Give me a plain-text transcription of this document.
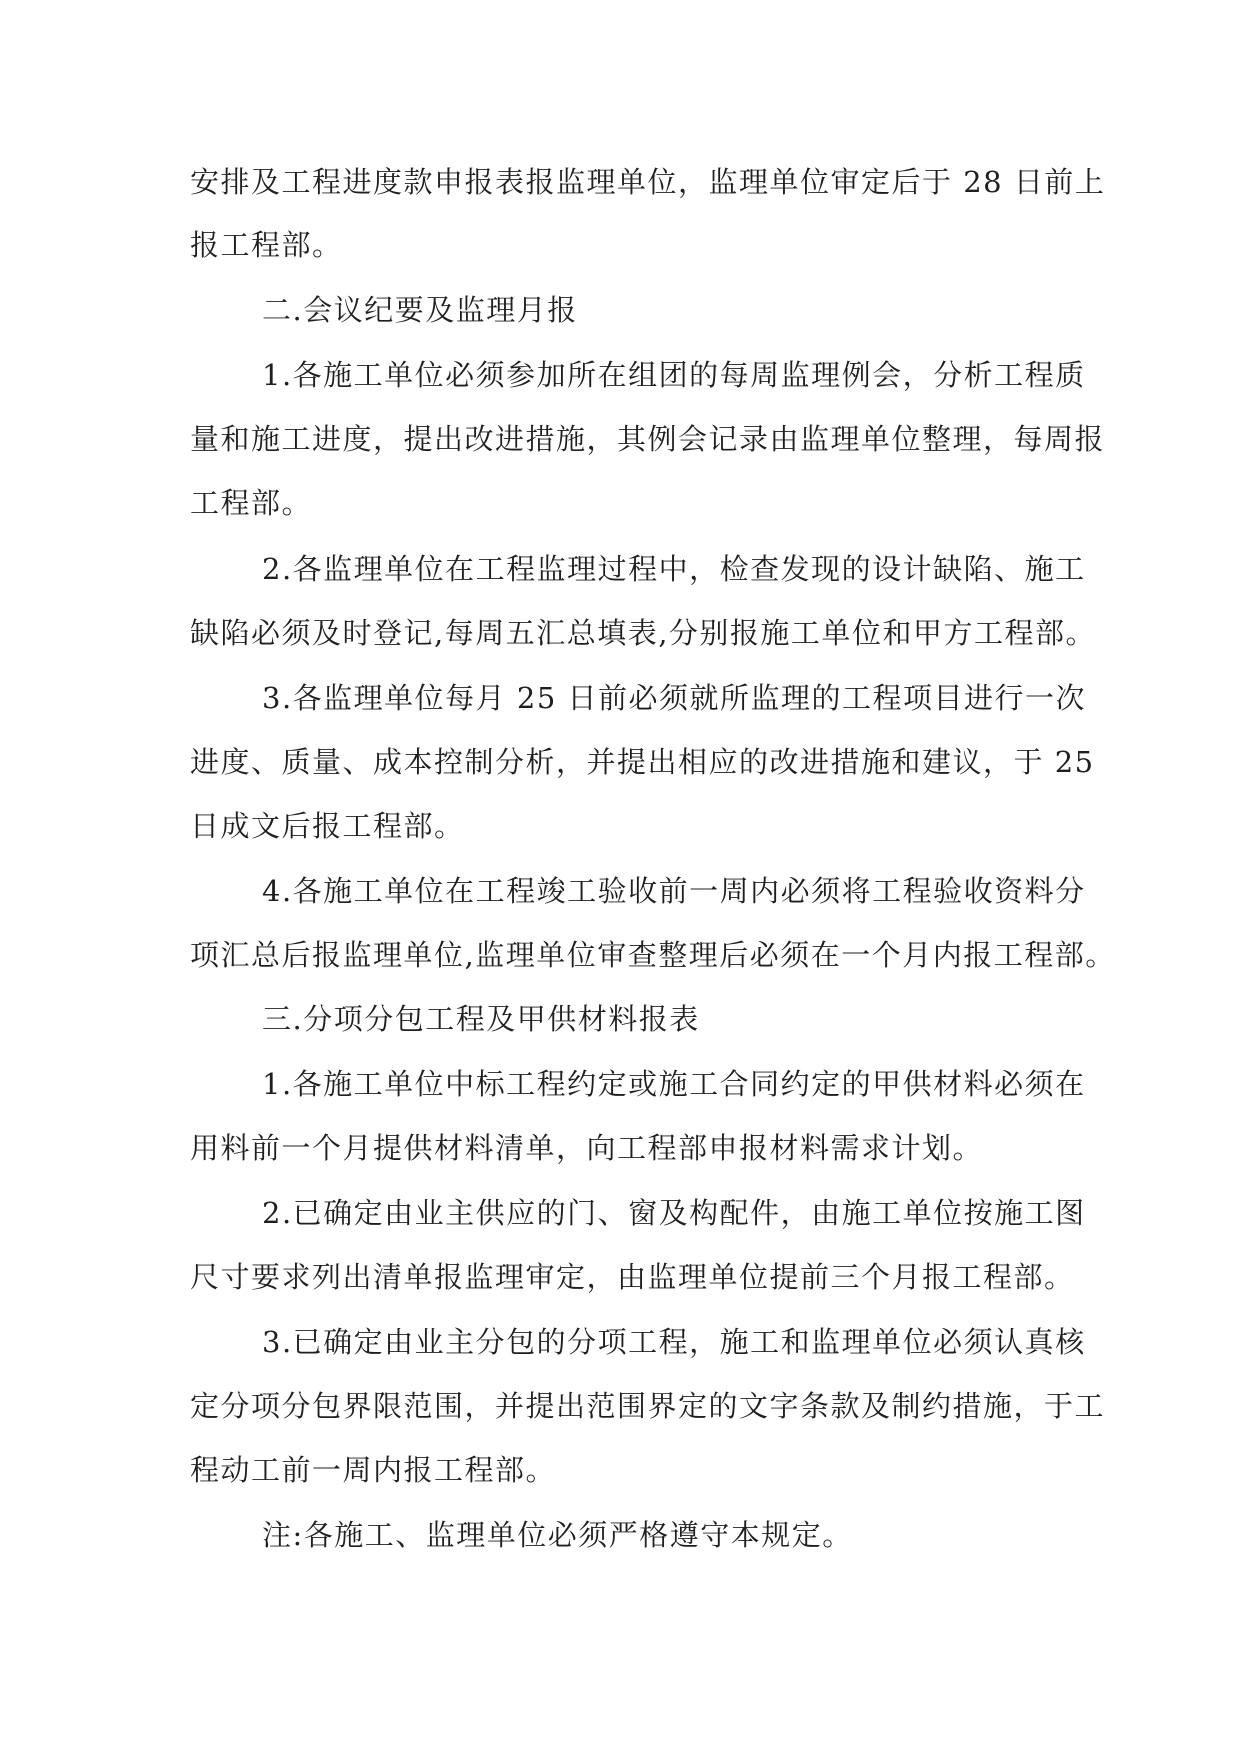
安排及工程进度款申报表报监理单位，监理单位审定后于 28 日前上
报工程部。
二.会议纪要及监理月报
1.各施工单位必须参加所在组团的每周监理例会，分析工程质
量和施工进度，提出改进措施，其例会记录由监理单位整理，每周报
工程部。
2.各监理单位在工程监理过程中，检查发现的设计缺陷、施工
缺陷必须及时登记,每周五汇总填表,分别报施工单位和甲方工程部。
3.各监理单位每月 25 日前必须就所监理的工程项目进行一次
进度、质量、成本控制分析，并提出相应的改进措施和建议，于 25
日成文后报工程部。
4.各施工单位在工程竣工验收前一周内必须将工程验收资料分
项汇总后报监理单位,监理单位审查整理后必须在一个月内报工程部。
三.分项分包工程及甲供材料报表
1.各施工单位中标工程约定或施工合同约定的甲供材料必须在
用料前一个月提供材料清单，向工程部申报材料需求计划。
2.已确定由业主供应的门、窗及构配件，由施工单位按施工图
尺寸要求列出清单报监理审定，由监理单位提前三个月报工程部。
3.已确定由业主分包的分项工程，施工和监理单位必须认真核
定分项分包界限范围，并提出范围界定的文字条款及制约措施，于工
程动工前一周内报工程部。
注:各施工、监理单位必须严格遵守本规定。
